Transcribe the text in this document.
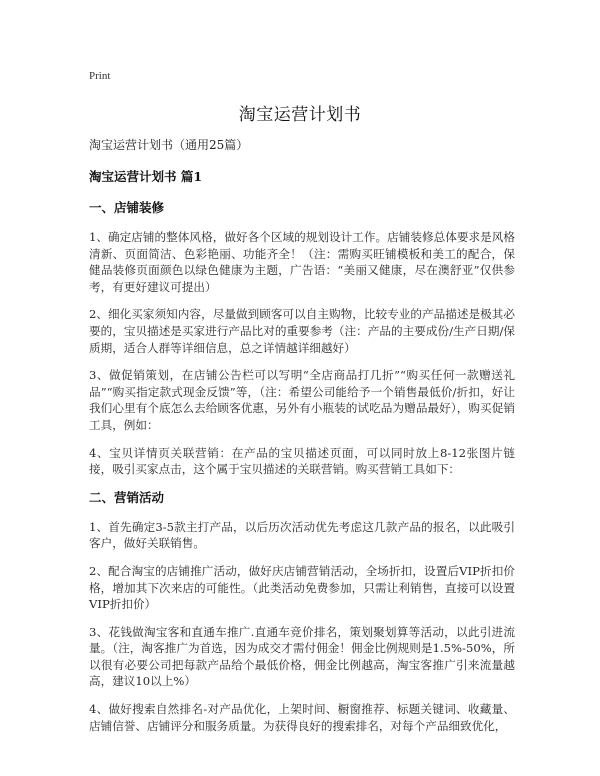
Print
淘宝运营计划书

淘宝运营计划书（通用25篇）

淘宝运营计划书 篇1

一、店铺装修

1、确定店铺的整体风格，做好各个区域的规划设计工作。店铺装修总体要求是风格清新、页面简洁、色彩艳丽、功能齐全！（注：需购买旺铺模板和美工的配合，保健品装修页面颜色以绿色健康为主题，广告语：“美丽又健康，尽在澳舒亚”仅供参考，有更好建议可提出）

2、细化买家须知内容，尽量做到顾客可以自主购物，比较专业的产品描述是极其必要的，宝贝描述是买家进行产品比对的重要参考（注：产品的主要成份/生产日期/保质期，适合人群等详细信息，总之详情越详细越好）

3、做促销策划，在店铺公告栏可以写明“全店商品打几折”“购买任何一款赠送礼品”“购买指定款式现金反馈”等，（注：希望公司能给予一个销售最低价/折扣，好让我们心里有个底怎么去给顾客优惠，另外有小瓶装的试吃品为赠品最好），购买促销工具，例如：

4、宝贝详情页关联营销：在产品的宝贝描述页面，可以同时放上8-12张图片链接，吸引买家点击，这个属于宝贝描述的关联营销。购买营销工具如下：

二、营销活动

1、首先确定3-5款主打产品，以后历次活动优先考虑这几款产品的报名，以此吸引客户，做好关联销售。

2、配合淘宝的店铺推广活动，做好庆店铺营销活动，全场折扣，设置后VIP折扣价格，增加其下次来店的可能性。（此类活动免费参加，只需让利销售，直接可以设置VIP折扣价）

3、花钱做淘宝客和直通车推广.直通车竞价排名，策划聚划算等活动，以此引进流量。（注，淘客推广为首选，因为成交才需付佣金！佣金比例规则是1.5%-50%，所以很有必要公司把每款产品给个最低价格，佣金比例越高，淘宝客推广引来流量越高，建议10以上%）

4、做好搜索自然排名-对产品优化，上架时间、橱窗推荐、标题关键词、收藏量、店铺信誉、店铺评分和服务质量。为获得良好的搜索排名，对每个产品细致优化，
